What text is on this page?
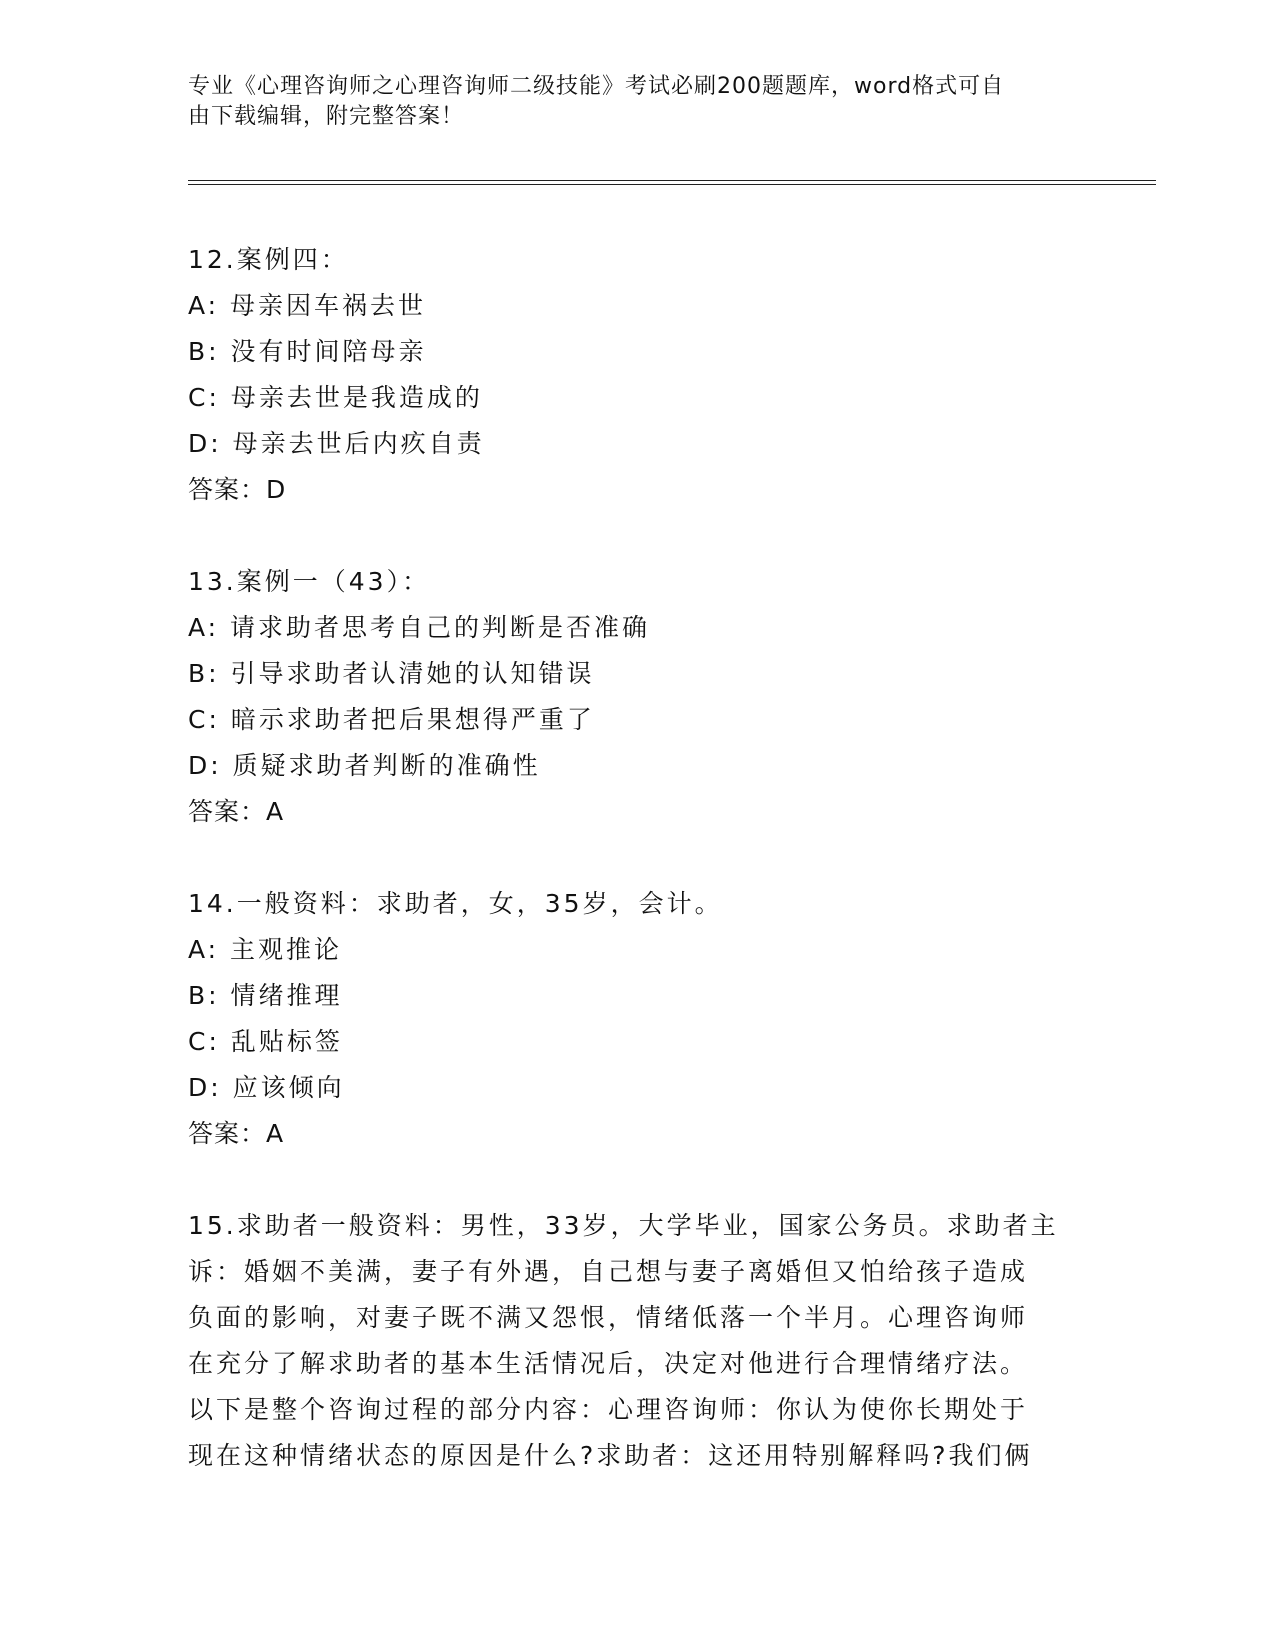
专业《心理咨询师之心理咨询师二级技能》考试必刷200题题库，word格式可自
由下载编辑，附完整答案！
12.案例四：
A: 母亲因车祸去世
B: 没有时间陪母亲
C: 母亲去世是我造成的
D: 母亲去世后内疚自责
答案：D
13.案例一（43）：
A: 请求助者思考自己的判断是否准确
B: 引导求助者认清她的认知错误
C: 暗示求助者把后果想得严重了
D: 质疑求助者判断的准确性
答案：A
14.一般资料：求助者，女，35岁，会计。
A: 主观推论
B: 情绪推理
C: 乱贴标签
D: 应该倾向
答案：A
15.求助者一般资料：男性，33岁，大学毕业，国家公务员。求助者主
诉：婚姻不美满，妻子有外遇，自己想与妻子离婚但又怕给孩子造成
负面的影响，对妻子既不满又怨恨，情绪低落一个半月。心理咨询师
在充分了解求助者的基本生活情况后，决定对他进行合理情绪疗法。
以下是整个咨询过程的部分内容：心理咨询师：你认为使你长期处于
现在这种情绪状态的原因是什么?求助者：这还用特别解释吗?我们俩
